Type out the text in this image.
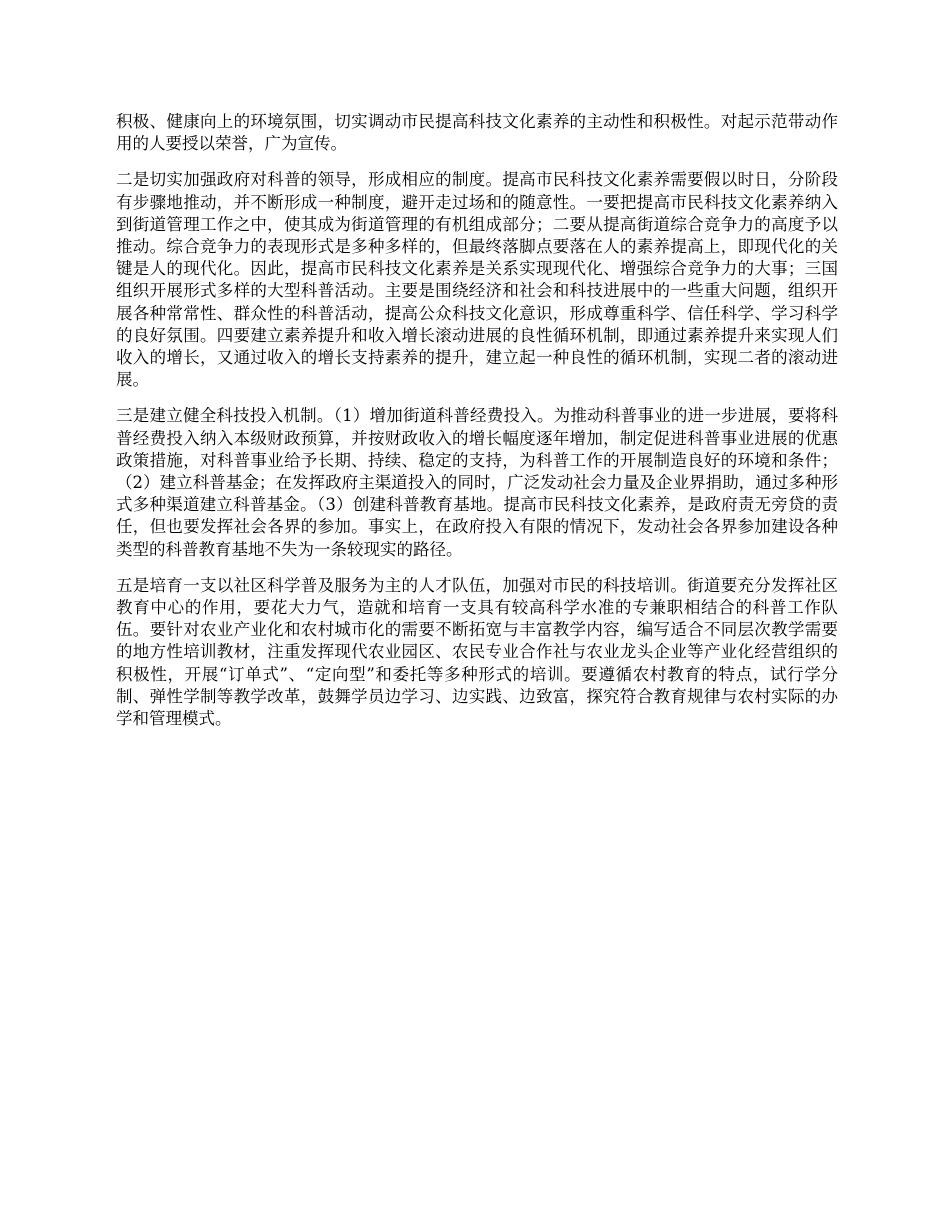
积极、健康向上的环境氛围，切实调动市民提高科技文化素养的主动性和积极性。对起示范带动作用的人要授以荣誉，广为宣传。

二是切实加强政府对科普的领导，形成相应的制度。提高市民科技文化素养需要假以时日，分阶段有步骤地推动，并不断形成一种制度，避开走过场和的随意性。一要把提高市民科技文化素养纳入到街道管理工作之中，使其成为街道管理的有机组成部分；二要从提高街道综合竞争力的高度予以推动。综合竞争力的表现形式是多种多样的，但最终落脚点要落在人的素养提高上，即现代化的关键是人的现代化。因此，提高市民科技文化素养是关系实现现代化、增强综合竞争力的大事；三国组织开展形式多样的大型科普活动。主要是围绕经济和社会和科技进展中的一些重大问题，组织开展各种常常性、群众性的科普活动，提高公众科技文化意识，形成尊重科学、信任科学、学习科学的良好氛围。四要建立素养提升和收入增长滚动进展的良性循环机制，即通过素养提升来实现人们收入的增长，又通过收入的增长支持素养的提升，建立起一种良性的循环机制，实现二者的滚动进展。

三是建立健全科技投入机制。（1）增加街道科普经费投入。为推动科普事业的进一步进展，要将科普经费投入纳入本级财政预算，并按财政收入的增长幅度逐年增加，制定促进科普事业进展的优惠政策措施，对科普事业给予长期、持续、稳定的支持，为科普工作的开展制造良好的环境和条件；（2）建立科普基金；在发挥政府主渠道投入的同时，广泛发动社会力量及企业界捐助，通过多种形式多种渠道建立科普基金。（3）创建科普教育基地。提高市民科技文化素养，是政府责无旁贷的责任，但也要发挥社会各界的参加。事实上，在政府投入有限的情况下，发动社会各界参加建设各种类型的科普教育基地不失为一条较现实的路径。

五是培育一支以社区科学普及服务为主的人才队伍，加强对市民的科技培训。街道要充分发挥社区教育中心的作用，要花大力气，造就和培育一支具有较高科学水准的专兼职相结合的科普工作队伍。要针对农业产业化和农村城市化的需要不断拓宽与丰富教学内容，编写适合不同层次教学需要的地方性培训教材，注重发挥现代农业园区、农民专业合作社与农业龙头企业等产业化经营组织的积极性，开展“订单式”、“定向型”和委托等多种形式的培训。要遵循农村教育的特点，试行学分制、弹性学制等教学改革，鼓舞学员边学习、边实践、边致富，探究符合教育规律与农村实际的办学和管理模式。
